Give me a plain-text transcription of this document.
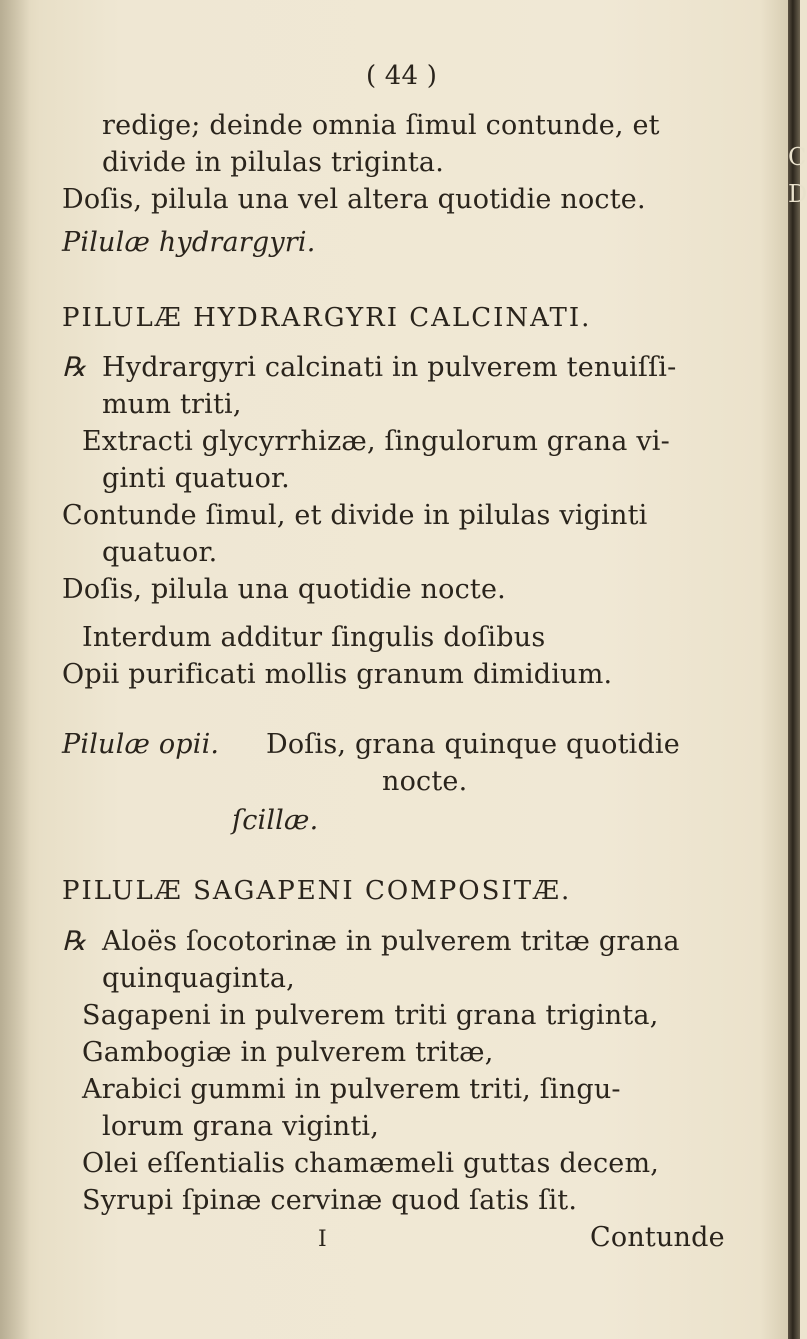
( 44 )
redige; deinde omnia ſimul contunde, et
divide in pilulas triginta.
Doſis, pilula una vel altera quotidie nocte.
Pilulæ hydrargyri.
PILULÆ HYDRARGYRI CALCINATI.
℞ Hydrargyri calcinati in pulverem tenuiſſi-
mum triti,
Extracti glycyrrhizæ, ſingulorum grana vi-
ginti quatuor.
Contunde ſimul, et divide in pilulas viginti
quatuor.
Doſis, pilula una quotidie nocte.
Interdum additur ſingulis doſibus
Opii purificati mollis granum dimidium.
Pilulæ opii. Doſis, grana quinque quotidie
nocte.
ſcillæ.
PILULÆ SAGAPENI COMPOSITÆ.
℞ Aloës ſocotorinæ in pulverem tritæ grana
quinquaginta,
Sagapeni in pulverem triti grana triginta,
Gambogiæ in pulverem tritæ,
Arabici gummi in pulverem triti, ſingu-
lorum grana viginti,
Olei eſſentialis chamæmeli guttas decem,
Syrupi ſpinæ cervinæ quod ſatis ſit.
I	Contunde
C
D
